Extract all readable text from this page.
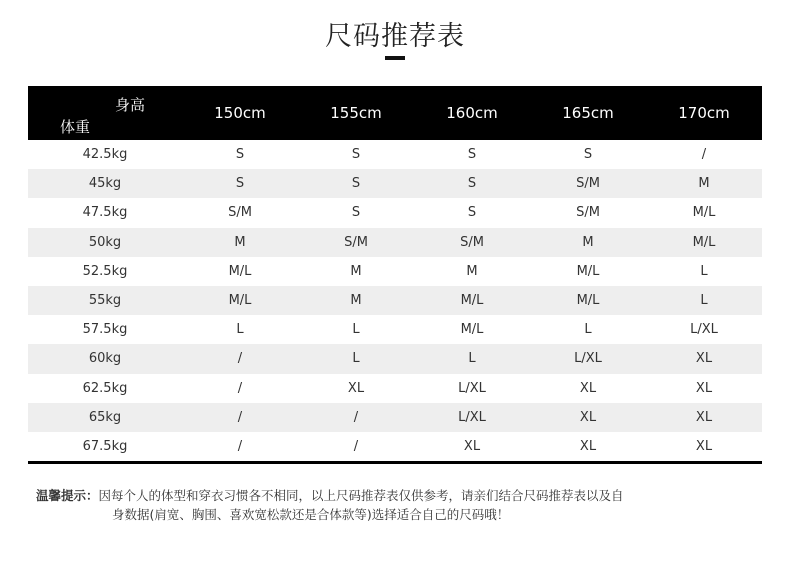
尺码推荐表
身高
体重
150cm	155cm	160cm	165cm	170cm
42.5kg	S	S	S	S	/
45kg	S	S	S	S/M	M
47.5kg	S/M	S	S	S/M	M/L
50kg	M	S/M	S/M	M	M/L
52.5kg	M/L	M	M	M/L	L
55kg	M/L	M	M/L	M/L	L
57.5kg	L	L	M/L	L	L/XL
60kg	/	L	L	L/XL	XL
62.5kg	/	XL	L/XL	XL	XL
65kg	/	/	L/XL	XL	XL
67.5kg	/	/	XL	XL	XL
温馨提示：因每个人的体型和穿衣习惯各不相同，以上尺码推荐表仅供参考，请亲们结合尺码推荐表以及自
身数据(肩宽、胸围、喜欢宽松款还是合体款等)选择适合自己的尺码哦！
